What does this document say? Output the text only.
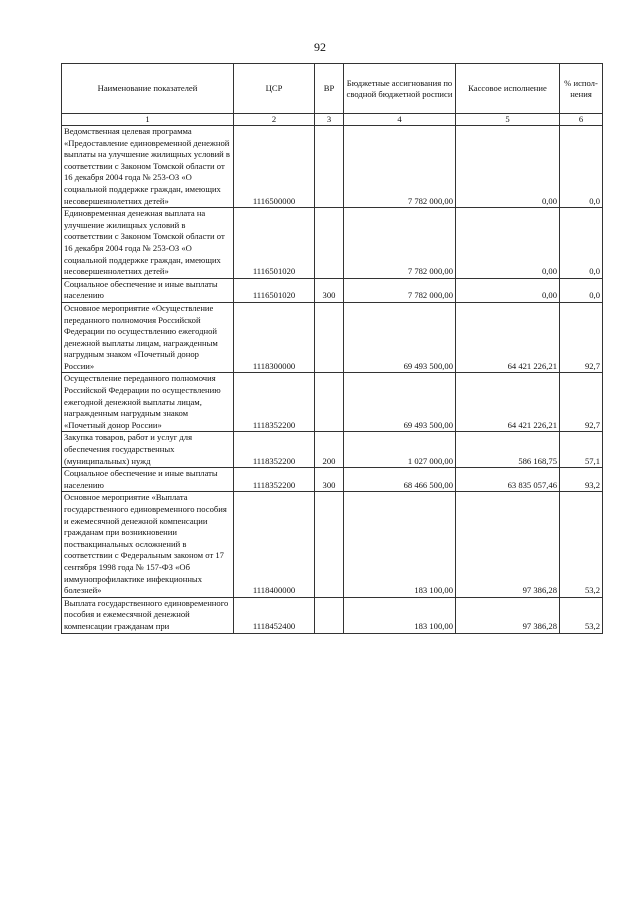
92
Наименование показателей	ЦСР	ВР	Бюджетные ассигнования по сводной бюджетной росписи	Кассовое исполнение	% испол-нения
1	2	3	4	5	6

Ведомственная целевая программа «Предоставление единовременной денежной выплаты на улучшение жилищных условий в соответствии с Законом Томской области от 16 декабря 2004 года № 253-ОЗ «О социальной поддержке граждан, имеющих несовершеннолетних детей»	1116500000		7 782 000,00	0,00	0,0

Единовременная денежная выплата на улучшение жилищных условий в соответствии с Законом Томской области от 16 декабря 2004 года № 253-ОЗ «О социальной поддержке граждан, имеющих несовершеннолетних детей»	1116501020		7 782 000,00	0,00	0,0

Социальное обеспечение и иные выплаты населению	1116501020	300	7 782 000,00	0,00	0,0

Основное мероприятие «Осуществление переданного полномочия Российской Федерации по осуществлению ежегодной денежной выплаты лицам, награжденным нагрудным знаком «Почетный донор России»	1118300000		69 493 500,00	64 421 226,21	92,7

Осуществление переданного полномочия Российской Федерации по осуществлению ежегодной денежной выплаты лицам, награжденным нагрудным знаком «Почетный донор России»	1118352200		69 493 500,00	64 421 226,21	92,7

Закупка товаров, работ и услуг для обеспечения государственных (муниципальных) нужд	1118352200	200	1 027 000,00	586 168,75	57,1

Социальное обеспечение и иные выплаты населению	1118352200	300	68 466 500,00	63 835 057,46	93,2

Основное мероприятие «Выплата государственного единовременного пособия и ежемесячной денежной компенсации гражданам при возникновении поствакцинальных осложнений в соответствии с Федеральным законом от 17 сентября 1998 года № 157-ФЗ «Об иммунопрофилактике инфекционных болезней»	1118400000		183 100,00	97 386,28	53,2

Выплата государственного единовременного пособия и ежемесячной денежной компенсации гражданам при	1118452400		183 100,00	97 386,28	53,2
